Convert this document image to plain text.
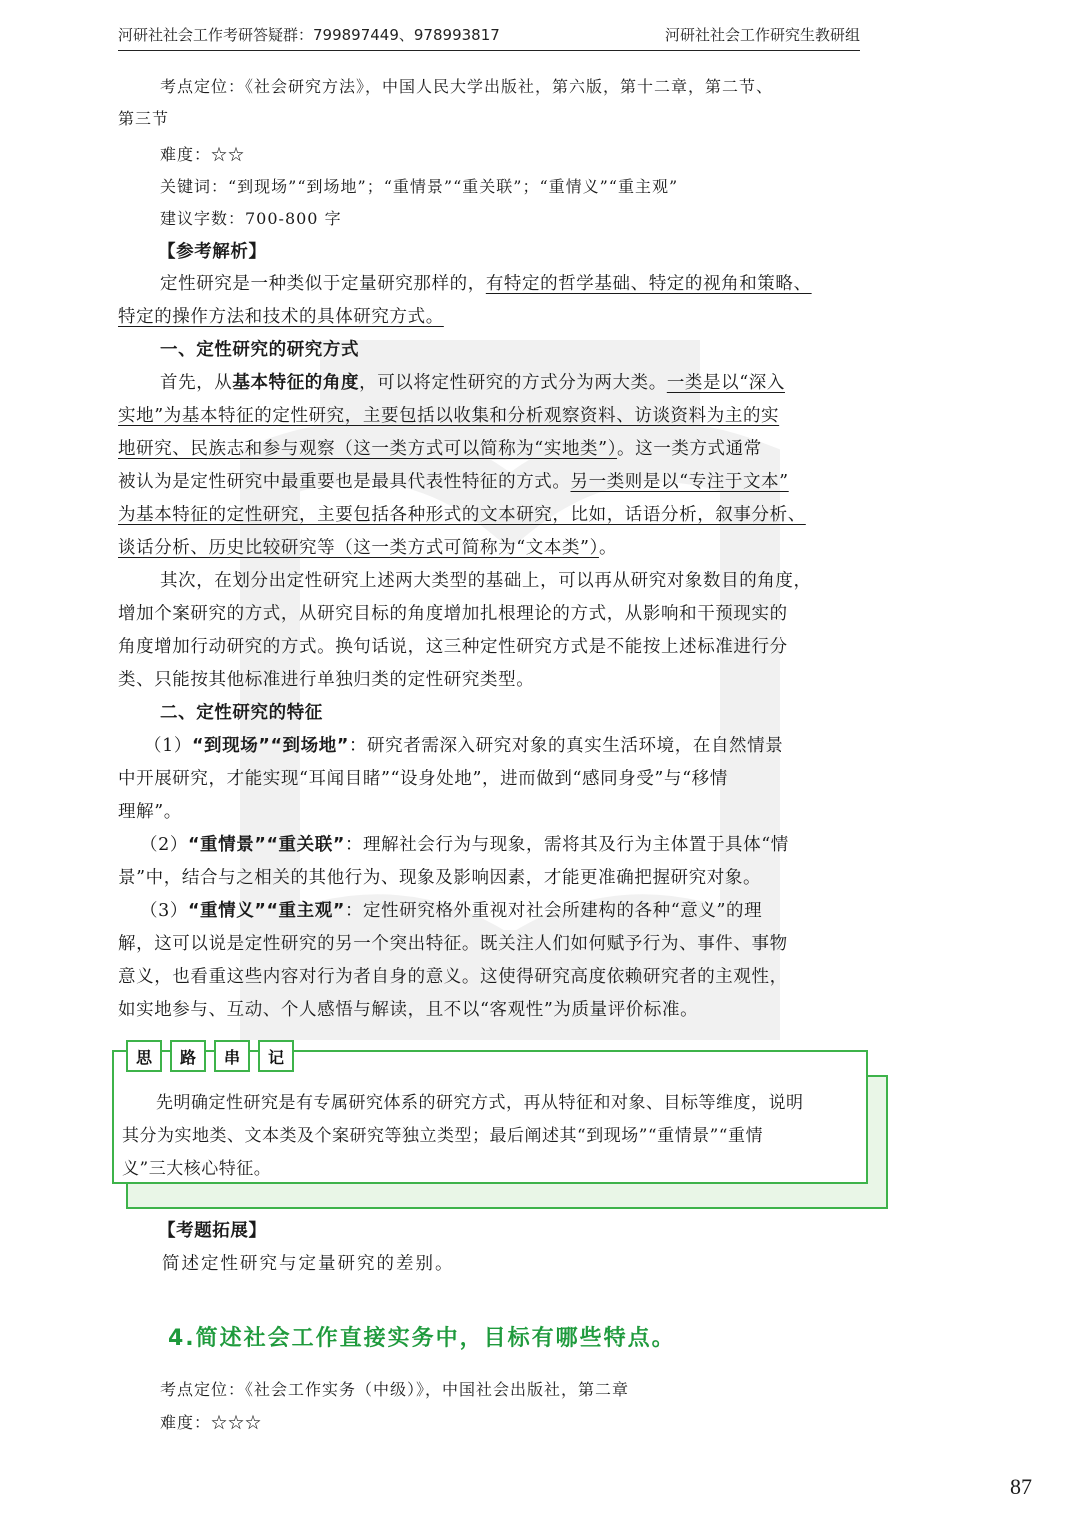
河研社社会工作考研答疑群：799897449、978993817	河研社社会工作研究生教研组
考点定位：《社会研究方法》，中国人民大学出版社，第六版，第十二章，第二节、
第三节
难度：☆☆
关键词：“到现场”“到场地”；“重情景”“重关联”；“重情义”“重主观”
建议字数：700-800 字
【参考解析】
定性研究是一种类似于定量研究那样的，有特定的哲学基础、特定的视角和策略、
特定的操作方法和技术的具体研究方式。
一、定性研究的研究方式
首先，从基本特征的角度，可以将定性研究的方式分为两大类。一类是以“深入
实地”为基本特征的定性研究，主要包括以收集和分析观察资料、访谈资料为主的实
地研究、民族志和参与观察（这一类方式可以简称为“实地类”）。这一类方式通常
被认为是定性研究中最重要也是最具代表性特征的方式。另一类则是以“专注于文本”
为基本特征的定性研究，主要包括各种形式的文本研究，比如，话语分析，叙事分析、
谈话分析、历史比较研究等（这一类方式可简称为“文本类”）。
其次，在划分出定性研究上述两大类型的基础上，可以再从研究对象数目的角度，
增加个案研究的方式，从研究目标的角度增加扎根理论的方式，从影响和干预现实的
角度增加行动研究的方式。换句话说，这三种定性研究方式是不能按上述标准进行分
类、只能按其他标准进行单独归类的定性研究类型。
二、定性研究的特征
（1）“到现场”“到场地”：研究者需深入研究对象的真实生活环境，在自然情景
中开展研究，才能实现“耳闻目睹”“设身处地”，进而做到“感同身受”与“移情
理解”。
（2）“重情景”“重关联”：理解社会行为与现象，需将其及行为主体置于具体“情
景”中，结合与之相关的其他行为、现象及影响因素，才能更准确把握研究对象。
（3）“重情义”“重主观”：定性研究格外重视对社会所建构的各种“意义”的理
解，这可以说是定性研究的另一个突出特征。既关注人们如何赋予行为、事件、事物
意义，也看重这些内容对行为者自身的意义。这使得研究高度依赖研究者的主观性，
如实地参与、互动、个人感悟与解读，且不以“客观性”为质量评价标准。
思	路	串	记
先明确定性研究是有专属研究体系的研究方式，再从特征和对象、目标等维度，说明
其分为实地类、文本类及个案研究等独立类型；最后阐述其“到现场”“重情景”“重情
义”三大核心特征。
【考题拓展】
简述定性研究与定量研究的差别。
4.简述社会工作直接实务中，目标有哪些特点。
考点定位：《社会工作实务（中级）》，中国社会出版社，第二章
难度：☆☆☆
87
